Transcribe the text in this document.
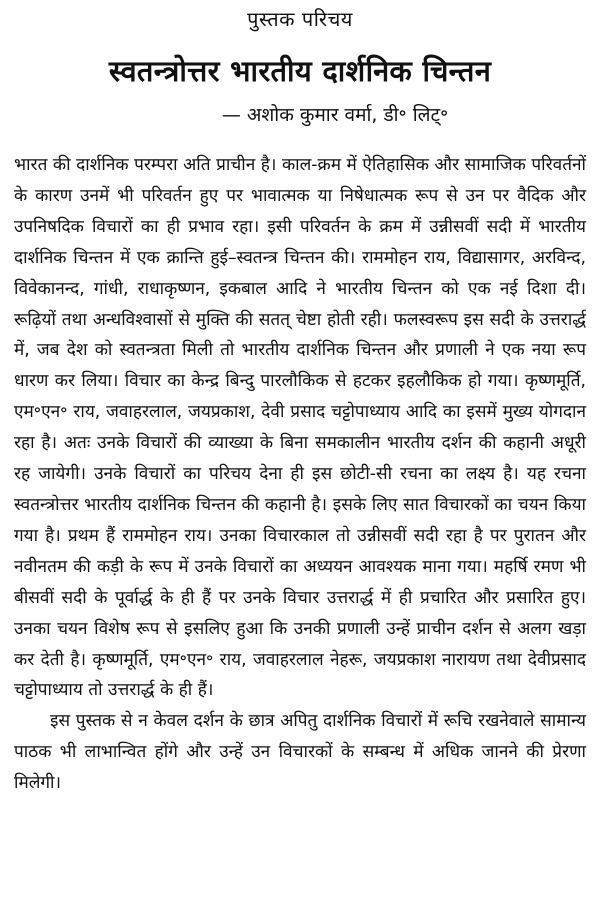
पुस्तक परिचय
स्वतन्त्रोत्तर भारतीय दार्शनिक चिन्तन
— अशोक कुमार वर्मा, डी॰ लिट्॰

भारत की दार्शनिक परम्परा अति प्राचीन है। काल-क्रम में ऐतिहासिक और सामाजिक परिवर्तनों के कारण उनमें भी परिवर्तन हुए पर भावात्मक या निषेधात्मक रूप से उन पर वैदिक और उपनिषदिक विचारों का ही प्रभाव रहा। इसी परिवर्तन के क्रम में उन्नीसवीं सदी में भारतीय दार्शनिक चिन्तन में एक क्रान्ति हुई–स्वतन्त्र चिन्तन की। राममोहन राय, विद्यासागर, अरविन्द, विवेकानन्द, गांधी, राधाकृष्णन, इकबाल आदि ने भारतीय चिन्तन को एक नई दिशा दी। रूढ़ियों तथा अन्धविश्वासों से मुक्ति की सतत् चेष्टा होती रही। फलस्वरूप इस सदी के उत्तरार्द्ध में, जब देश को स्वतन्त्रता मिली तो भारतीय दार्शनिक चिन्तन और प्रणाली ने एक नया रूप धारण कर लिया। विचार का केन्द्र बिन्दु पारलौकिक से हटकर इहलौकिक हो गया। कृष्णमूर्ति, एम॰एन॰ राय, जवाहरलाल, जयप्रकाश, देवी प्रसाद चट्टोपाध्याय आदि का इसमें मुख्य योगदान रहा है। अतः उनके विचारों की व्याख्या के बिना समकालीन भारतीय दर्शन की कहानी अधूरी रह जायेगी। उनके विचारों का परिचय देना ही इस छोटी-सी रचना का लक्ष्य है। यह रचना स्वतन्त्रोत्तर भारतीय दार्शनिक चिन्तन की कहानी है। इसके लिए सात विचारकों का चयन किया गया है। प्रथम हैं राममोहन राय। उनका विचारकाल तो उन्नीसवीं सदी रहा है पर पुरातन और नवीनतम की कड़ी के रूप में उनके विचारों का अध्ययन आवश्यक माना गया। महर्षि रमण भी बीसवीं सदी के पूर्वार्द्ध के ही हैं पर उनके विचार उत्तरार्द्ध में ही प्रचारित और प्रसारित हुए। उनका चयन विशेष रूप से इसलिए हुआ कि उनकी प्रणाली उन्हें प्राचीन दर्शन से अलग खड़ा कर देती है। कृष्णमूर्ति, एम॰एन॰ राय, जवाहरलाल नेहरू, जयप्रकाश नारायण तथा देवीप्रसाद चट्टोपाध्याय तो उत्तरार्द्ध के ही हैं।

इस पुस्तक से न केवल दर्शन के छात्र अपितु दार्शनिक विचारों में रूचि रखनेवाले सामान्य पाठक भी लाभान्वित होंगे और उन्हें उन विचारकों के सम्बन्ध में अधिक जानने की प्रेरणा मिलेगी।
